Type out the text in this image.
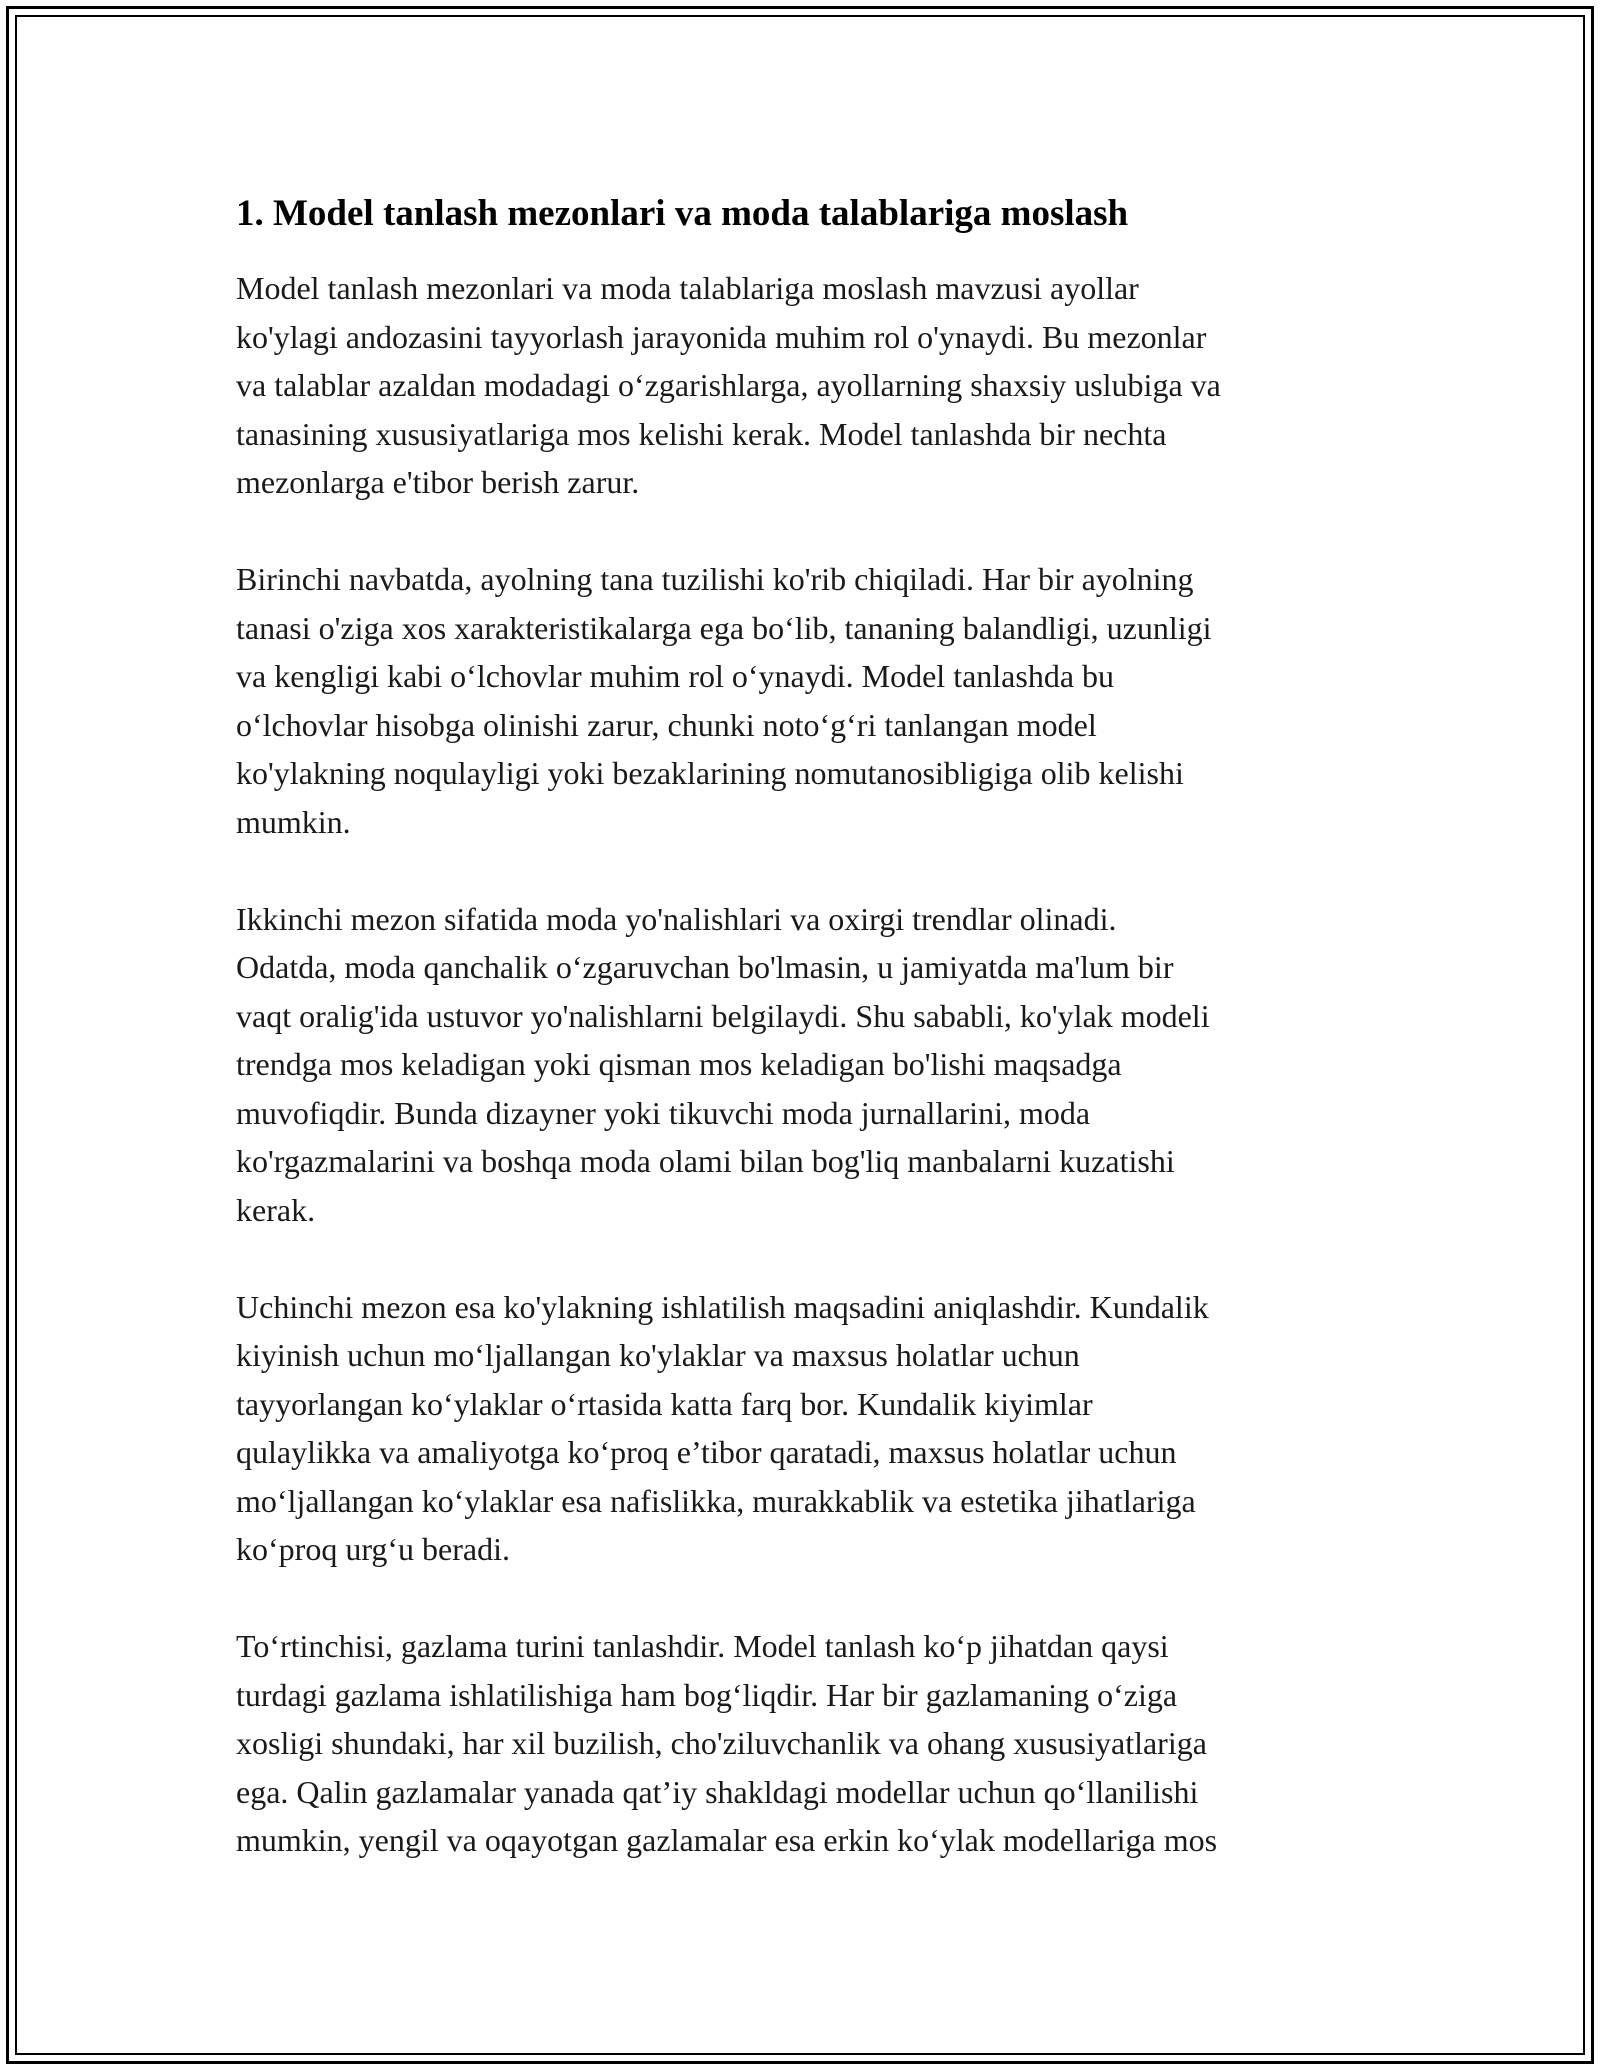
1. Model tanlash mezonlari va moda talablariga moslash

Model tanlash mezonlari va moda talablariga moslash mavzusi ayollar
ko'ylagi andozasini tayyorlash jarayonida muhim rol o'ynaydi. Bu mezonlar
va talablar azaldan modadagi o‘zgarishlarga, ayollarning shaxsiy uslubiga va
tanasining xususiyatlariga mos kelishi kerak. Model tanlashda bir nechta
mezonlarga e'tibor berish zarur.

Birinchi navbatda, ayolning tana tuzilishi ko'rib chiqiladi. Har bir ayolning
tanasi o'ziga xos xarakteristikalarga ega bo‘lib, tananing balandligi, uzunligi
va kengligi kabi o‘lchovlar muhim rol o‘ynaydi. Model tanlashda bu
o‘lchovlar hisobga olinishi zarur, chunki noto‘g‘ri tanlangan model
ko'ylakning noqulayligi yoki bezaklarining nomutanosibligiga olib kelishi
mumkin.

Ikkinchi mezon sifatida moda yo'nalishlari va oxirgi trendlar olinadi.
Odatda, moda qanchalik o‘zgaruvchan bo'lmasin, u jamiyatda ma'lum bir
vaqt oralig'ida ustuvor yo'nalishlarni belgilaydi. Shu sababli, ko'ylak modeli
trendga mos keladigan yoki qisman mos keladigan bo'lishi maqsadga
muvofiqdir. Bunda dizayner yoki tikuvchi moda jurnallarini, moda
ko'rgazmalarini va boshqa moda olami bilan bog'liq manbalarni kuzatishi
kerak.

Uchinchi mezon esa ko'ylakning ishlatilish maqsadini aniqlashdir. Kundalik
kiyinish uchun mo‘ljallangan ko'ylaklar va maxsus holatlar uchun
tayyorlangan ko‘ylaklar o‘rtasida katta farq bor. Kundalik kiyimlar
qulaylikka va amaliyotga ko‘proq e’tibor qaratadi, maxsus holatlar uchun
mo‘ljallangan ko‘ylaklar esa nafislikka, murakkablik va estetika jihatlariga
ko‘proq urg‘u beradi.

To‘rtinchisi, gazlama turini tanlashdir. Model tanlash ko‘p jihatdan qaysi
turdagi gazlama ishlatilishiga ham bog‘liqdir. Har bir gazlamaning o‘ziga
xosligi shundaki, har xil buzilish, cho'ziluvchanlik va ohang xususiyatlariga
ega. Qalin gazlamalar yanada qat’iy shakldagi modellar uchun qo‘llanilishi
mumkin, yengil va oqayotgan gazlamalar esa erkin ko‘ylak modellariga mos
